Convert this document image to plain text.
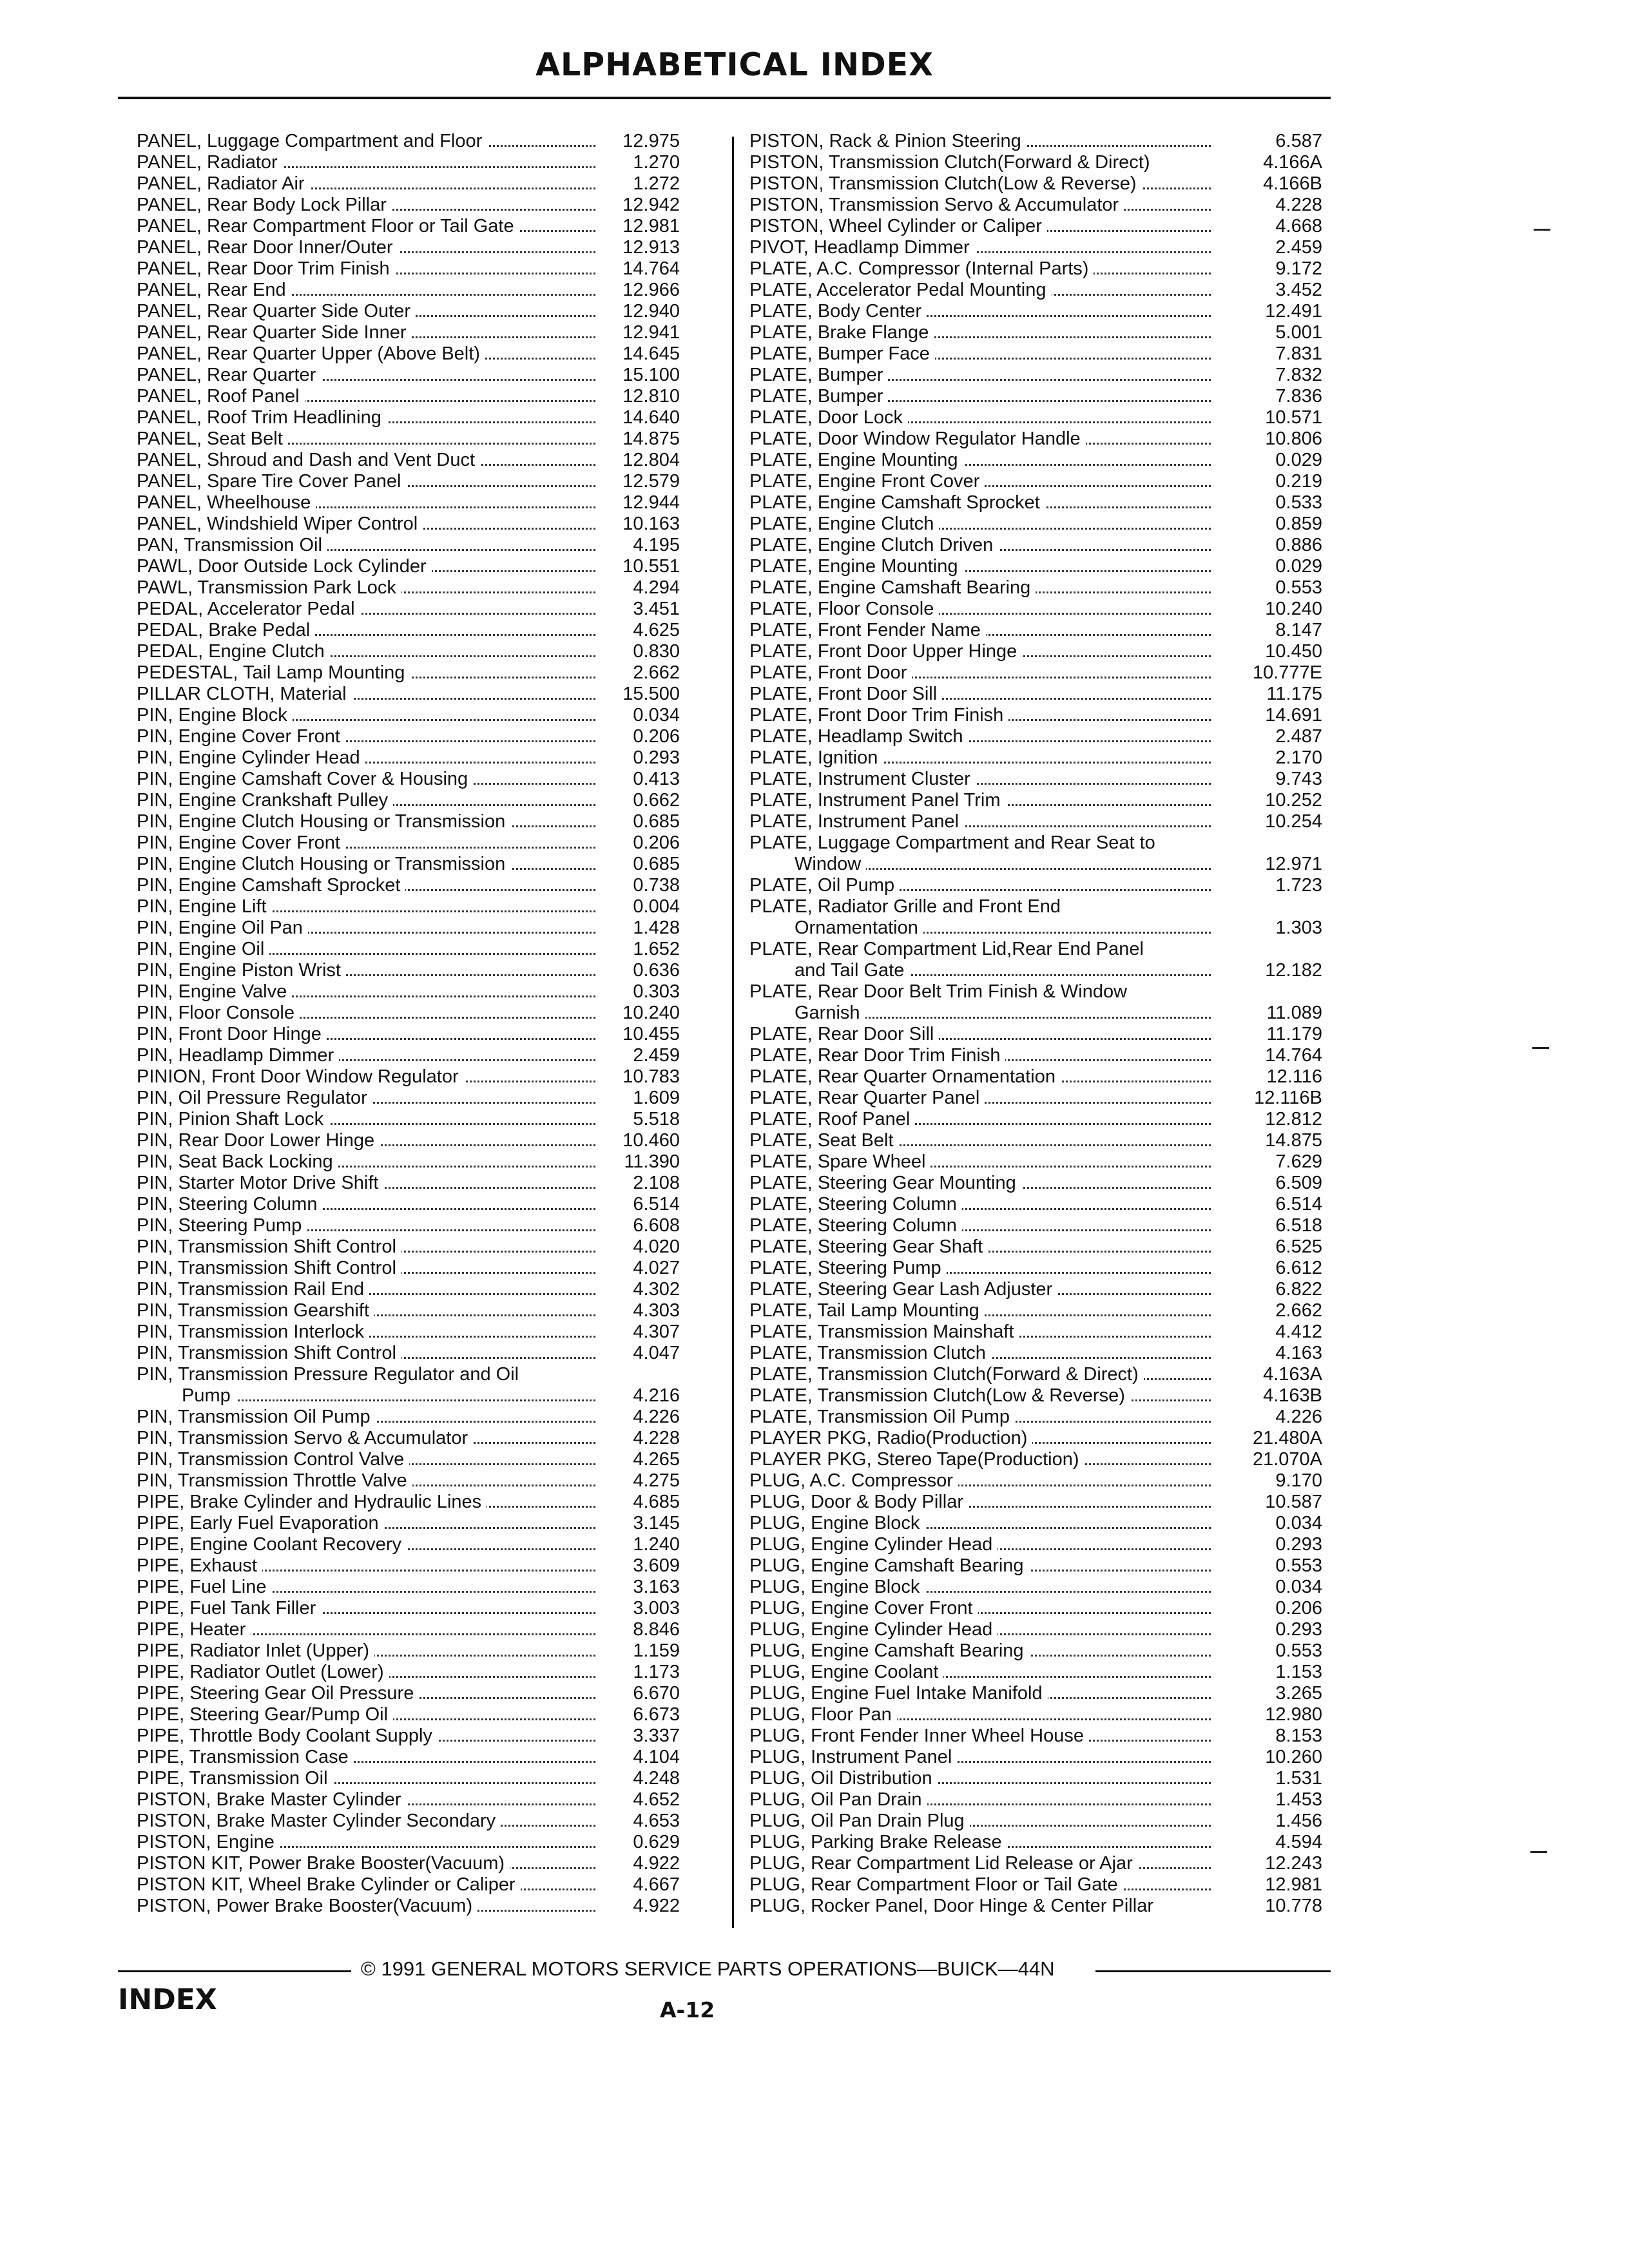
ALPHABETICAL INDEX
PANEL, Luggage Compartment and Floor	12.975
PANEL, Radiator	1.270
PANEL, Radiator Air	1.272
PANEL, Rear Body Lock Pillar	12.942
PANEL, Rear Compartment Floor or Tail Gate	12.981
PANEL, Rear Door Inner/Outer	12.913
PANEL, Rear Door Trim Finish	14.764
PANEL, Rear End	12.966
PANEL, Rear Quarter Side Outer	12.940
PANEL, Rear Quarter Side Inner	12.941
PANEL, Rear Quarter Upper (Above Belt)	14.645
PANEL, Rear Quarter	15.100
PANEL, Roof Panel	12.810
PANEL, Roof Trim Headlining	14.640
PANEL, Seat Belt	14.875
PANEL, Shroud and Dash and Vent Duct	12.804
PANEL, Spare Tire Cover Panel	12.579
PANEL, Wheelhouse	12.944
PANEL, Windshield Wiper Control	10.163
PAN, Transmission Oil	4.195
PAWL, Door Outside Lock Cylinder	10.551
PAWL, Transmission Park Lock	4.294
PEDAL, Accelerator Pedal	3.451
PEDAL, Brake Pedal	4.625
PEDAL, Engine Clutch	0.830
PEDESTAL, Tail Lamp Mounting	2.662
PILLAR CLOTH, Material	15.500
PIN, Engine Block	0.034
PIN, Engine Cover Front	0.206
PIN, Engine Cylinder Head	0.293
PIN, Engine Camshaft Cover & Housing	0.413
PIN, Engine Crankshaft Pulley	0.662
PIN, Engine Clutch Housing or Transmission	0.685
PIN, Engine Cover Front	0.206
PIN, Engine Clutch Housing or Transmission	0.685
PIN, Engine Camshaft Sprocket	0.738
PIN, Engine Lift	0.004
PIN, Engine Oil Pan	1.428
PIN, Engine Oil	1.652
PIN, Engine Piston Wrist	0.636
PIN, Engine Valve	0.303
PIN, Floor Console	10.240
PIN, Front Door Hinge	10.455
PIN, Headlamp Dimmer	2.459
PINION, Front Door Window Regulator	10.783
PIN, Oil Pressure Regulator	1.609
PIN, Pinion Shaft Lock	5.518
PIN, Rear Door Lower Hinge	10.460
PIN, Seat Back Locking	11.390
PIN, Starter Motor Drive Shift	2.108
PIN, Steering Column	6.514
PIN, Steering Pump	6.608
PIN, Transmission Shift Control	4.020
PIN, Transmission Shift Control	4.027
PIN, Transmission Rail End	4.302
PIN, Transmission Gearshift	4.303
PIN, Transmission Interlock	4.307
PIN, Transmission Shift Control	4.047
PIN, Transmission Pressure Regulator and Oil
Pump	4.216
PIN, Transmission Oil Pump	4.226
PIN, Transmission Servo & Accumulator	4.228
PIN, Transmission Control Valve	4.265
PIN, Transmission Throttle Valve	4.275
PIPE, Brake Cylinder and Hydraulic Lines	4.685
PIPE, Early Fuel Evaporation	3.145
PIPE, Engine Coolant Recovery	1.240
PIPE, Exhaust	3.609
PIPE, Fuel Line	3.163
PIPE, Fuel Tank Filler	3.003
PIPE, Heater	8.846
PIPE, Radiator Inlet (Upper)	1.159
PIPE, Radiator Outlet (Lower)	1.173
PIPE, Steering Gear Oil Pressure	6.670
PIPE, Steering Gear/Pump Oil	6.673
PIPE, Throttle Body Coolant Supply	3.337
PIPE, Transmission Case	4.104
PIPE, Transmission Oil	4.248
PISTON, Brake Master Cylinder	4.652
PISTON, Brake Master Cylinder Secondary	4.653
PISTON, Engine	0.629
PISTON KIT, Power Brake Booster(Vacuum)	4.922
PISTON KIT, Wheel Brake Cylinder or Caliper	4.667
PISTON, Power Brake Booster(Vacuum)	4.922
PISTON, Rack & Pinion Steering	6.587
PISTON, Transmission Clutch(Forward & Direct)	4.166A
PISTON, Transmission Clutch(Low & Reverse)	4.166B
PISTON, Transmission Servo & Accumulator	4.228
PISTON, Wheel Cylinder or Caliper	4.668
PIVOT, Headlamp Dimmer	2.459
PLATE, A.C. Compressor (Internal Parts)	9.172
PLATE, Accelerator Pedal Mounting	3.452
PLATE, Body Center	12.491
PLATE, Brake Flange	5.001
PLATE, Bumper Face	7.831
PLATE, Bumper	7.832
PLATE, Bumper	7.836
PLATE, Door Lock	10.571
PLATE, Door Window Regulator Handle	10.806
PLATE, Engine Mounting	0.029
PLATE, Engine Front Cover	0.219
PLATE, Engine Camshaft Sprocket	0.533
PLATE, Engine Clutch	0.859
PLATE, Engine Clutch Driven	0.886
PLATE, Engine Mounting	0.029
PLATE, Engine Camshaft Bearing	0.553
PLATE, Floor Console	10.240
PLATE, Front Fender Name	8.147
PLATE, Front Door Upper Hinge	10.450
PLATE, Front Door	10.777E
PLATE, Front Door Sill	11.175
PLATE, Front Door Trim Finish	14.691
PLATE, Headlamp Switch	2.487
PLATE, Ignition	2.170
PLATE, Instrument Cluster	9.743
PLATE, Instrument Panel Trim	10.252
PLATE, Instrument Panel	10.254
PLATE, Luggage Compartment and Rear Seat to
Window	12.971
PLATE, Oil Pump	1.723
PLATE, Radiator Grille and Front End
Ornamentation	1.303
PLATE, Rear Compartment Lid,Rear End Panel
and Tail Gate	12.182
PLATE, Rear Door Belt Trim Finish & Window
Garnish	11.089
PLATE, Rear Door Sill	11.179
PLATE, Rear Door Trim Finish	14.764
PLATE, Rear Quarter Ornamentation	12.116
PLATE, Rear Quarter Panel	12.116B
PLATE, Roof Panel	12.812
PLATE, Seat Belt	14.875
PLATE, Spare Wheel	7.629
PLATE, Steering Gear Mounting	6.509
PLATE, Steering Column	6.514
PLATE, Steering Column	6.518
PLATE, Steering Gear Shaft	6.525
PLATE, Steering Pump	6.612
PLATE, Steering Gear Lash Adjuster	6.822
PLATE, Tail Lamp Mounting	2.662
PLATE, Transmission Mainshaft	4.412
PLATE, Transmission Clutch	4.163
PLATE, Transmission Clutch(Forward & Direct)	4.163A
PLATE, Transmission Clutch(Low & Reverse)	4.163B
PLATE, Transmission Oil Pump	4.226
PLAYER PKG, Radio(Production)	21.480A
PLAYER PKG, Stereo Tape(Production)	21.070A
PLUG, A.C. Compressor	9.170
PLUG, Door & Body Pillar	10.587
PLUG, Engine Block	0.034
PLUG, Engine Cylinder Head	0.293
PLUG, Engine Camshaft Bearing	0.553
PLUG, Engine Block	0.034
PLUG, Engine Cover Front	0.206
PLUG, Engine Cylinder Head	0.293
PLUG, Engine Camshaft Bearing	0.553
PLUG, Engine Coolant	1.153
PLUG, Engine Fuel Intake Manifold	3.265
PLUG, Floor Pan	12.980
PLUG, Front Fender Inner Wheel House	8.153
PLUG, Instrument Panel	10.260
PLUG, Oil Distribution	1.531
PLUG, Oil Pan Drain	1.453
PLUG, Oil Pan Drain Plug	1.456
PLUG, Parking Brake Release	4.594
PLUG, Rear Compartment Lid Release or Ajar	12.243
PLUG, Rear Compartment Floor or Tail Gate	12.981
PLUG, Rocker Panel, Door Hinge & Center Pillar	10.778
© 1991 GENERAL MOTORS SERVICE PARTS OPERATIONS—BUICK—44N
INDEX	A-12
